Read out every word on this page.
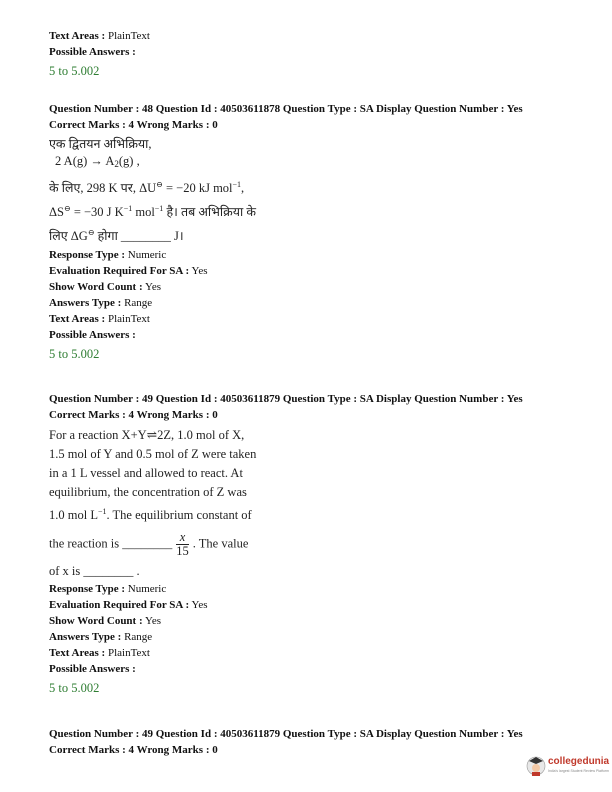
Text Areas : PlainText
Possible Answers :
5 to 5.002
Question Number : 48 Question Id : 40503611878 Question Type : SA Display Question Number : Yes
Correct Marks : 4 Wrong Marks : 0
एक द्वितयन अभिक्रिया,
2 $A(g) \to A_2(g)$ ,
के लिए, 298 K पर, ΔU⊖ = −20 kJ mol$^{-1}$,
ΔS⊖ = −30 J $K^{-1}$ mol$^{-1}$ है। तब अभिक्रिया के
लिए ΔG⊖ होगा ________ J।
Response Type : Numeric
Evaluation Required For SA : Yes
Show Word Count : Yes
Answers Type : Range
Text Areas : PlainText
Possible Answers :
5 to 5.002
Question Number : 49 Question Id : 40503611879 Question Type : SA Display Question Number : Yes
Correct Marks : 4 Wrong Marks : 0
For a reaction X+Y⇌2Z, 1.0 mol of X,
1.5 mol of Y and 0.5 mol of Z were taken
in a 1 L vessel and allowed to react. At
equilibrium, the concentration of Z was
1.0 mol $L^{-1}$. The equilibrium constant of
the reaction is ________ $\frac{x}{15}$ . The value
of x is ________ .
Response Type : Numeric
Evaluation Required For SA : Yes
Show Word Count : Yes
Answers Type : Range
Text Areas : PlainText
Possible Answers :
5 to 5.002
Question Number : 49 Question Id : 40503611879 Question Type : SA Display Question Number : Yes
Correct Marks : 4 Wrong Marks : 0
collegedunia
India's largest Student Review Platform
